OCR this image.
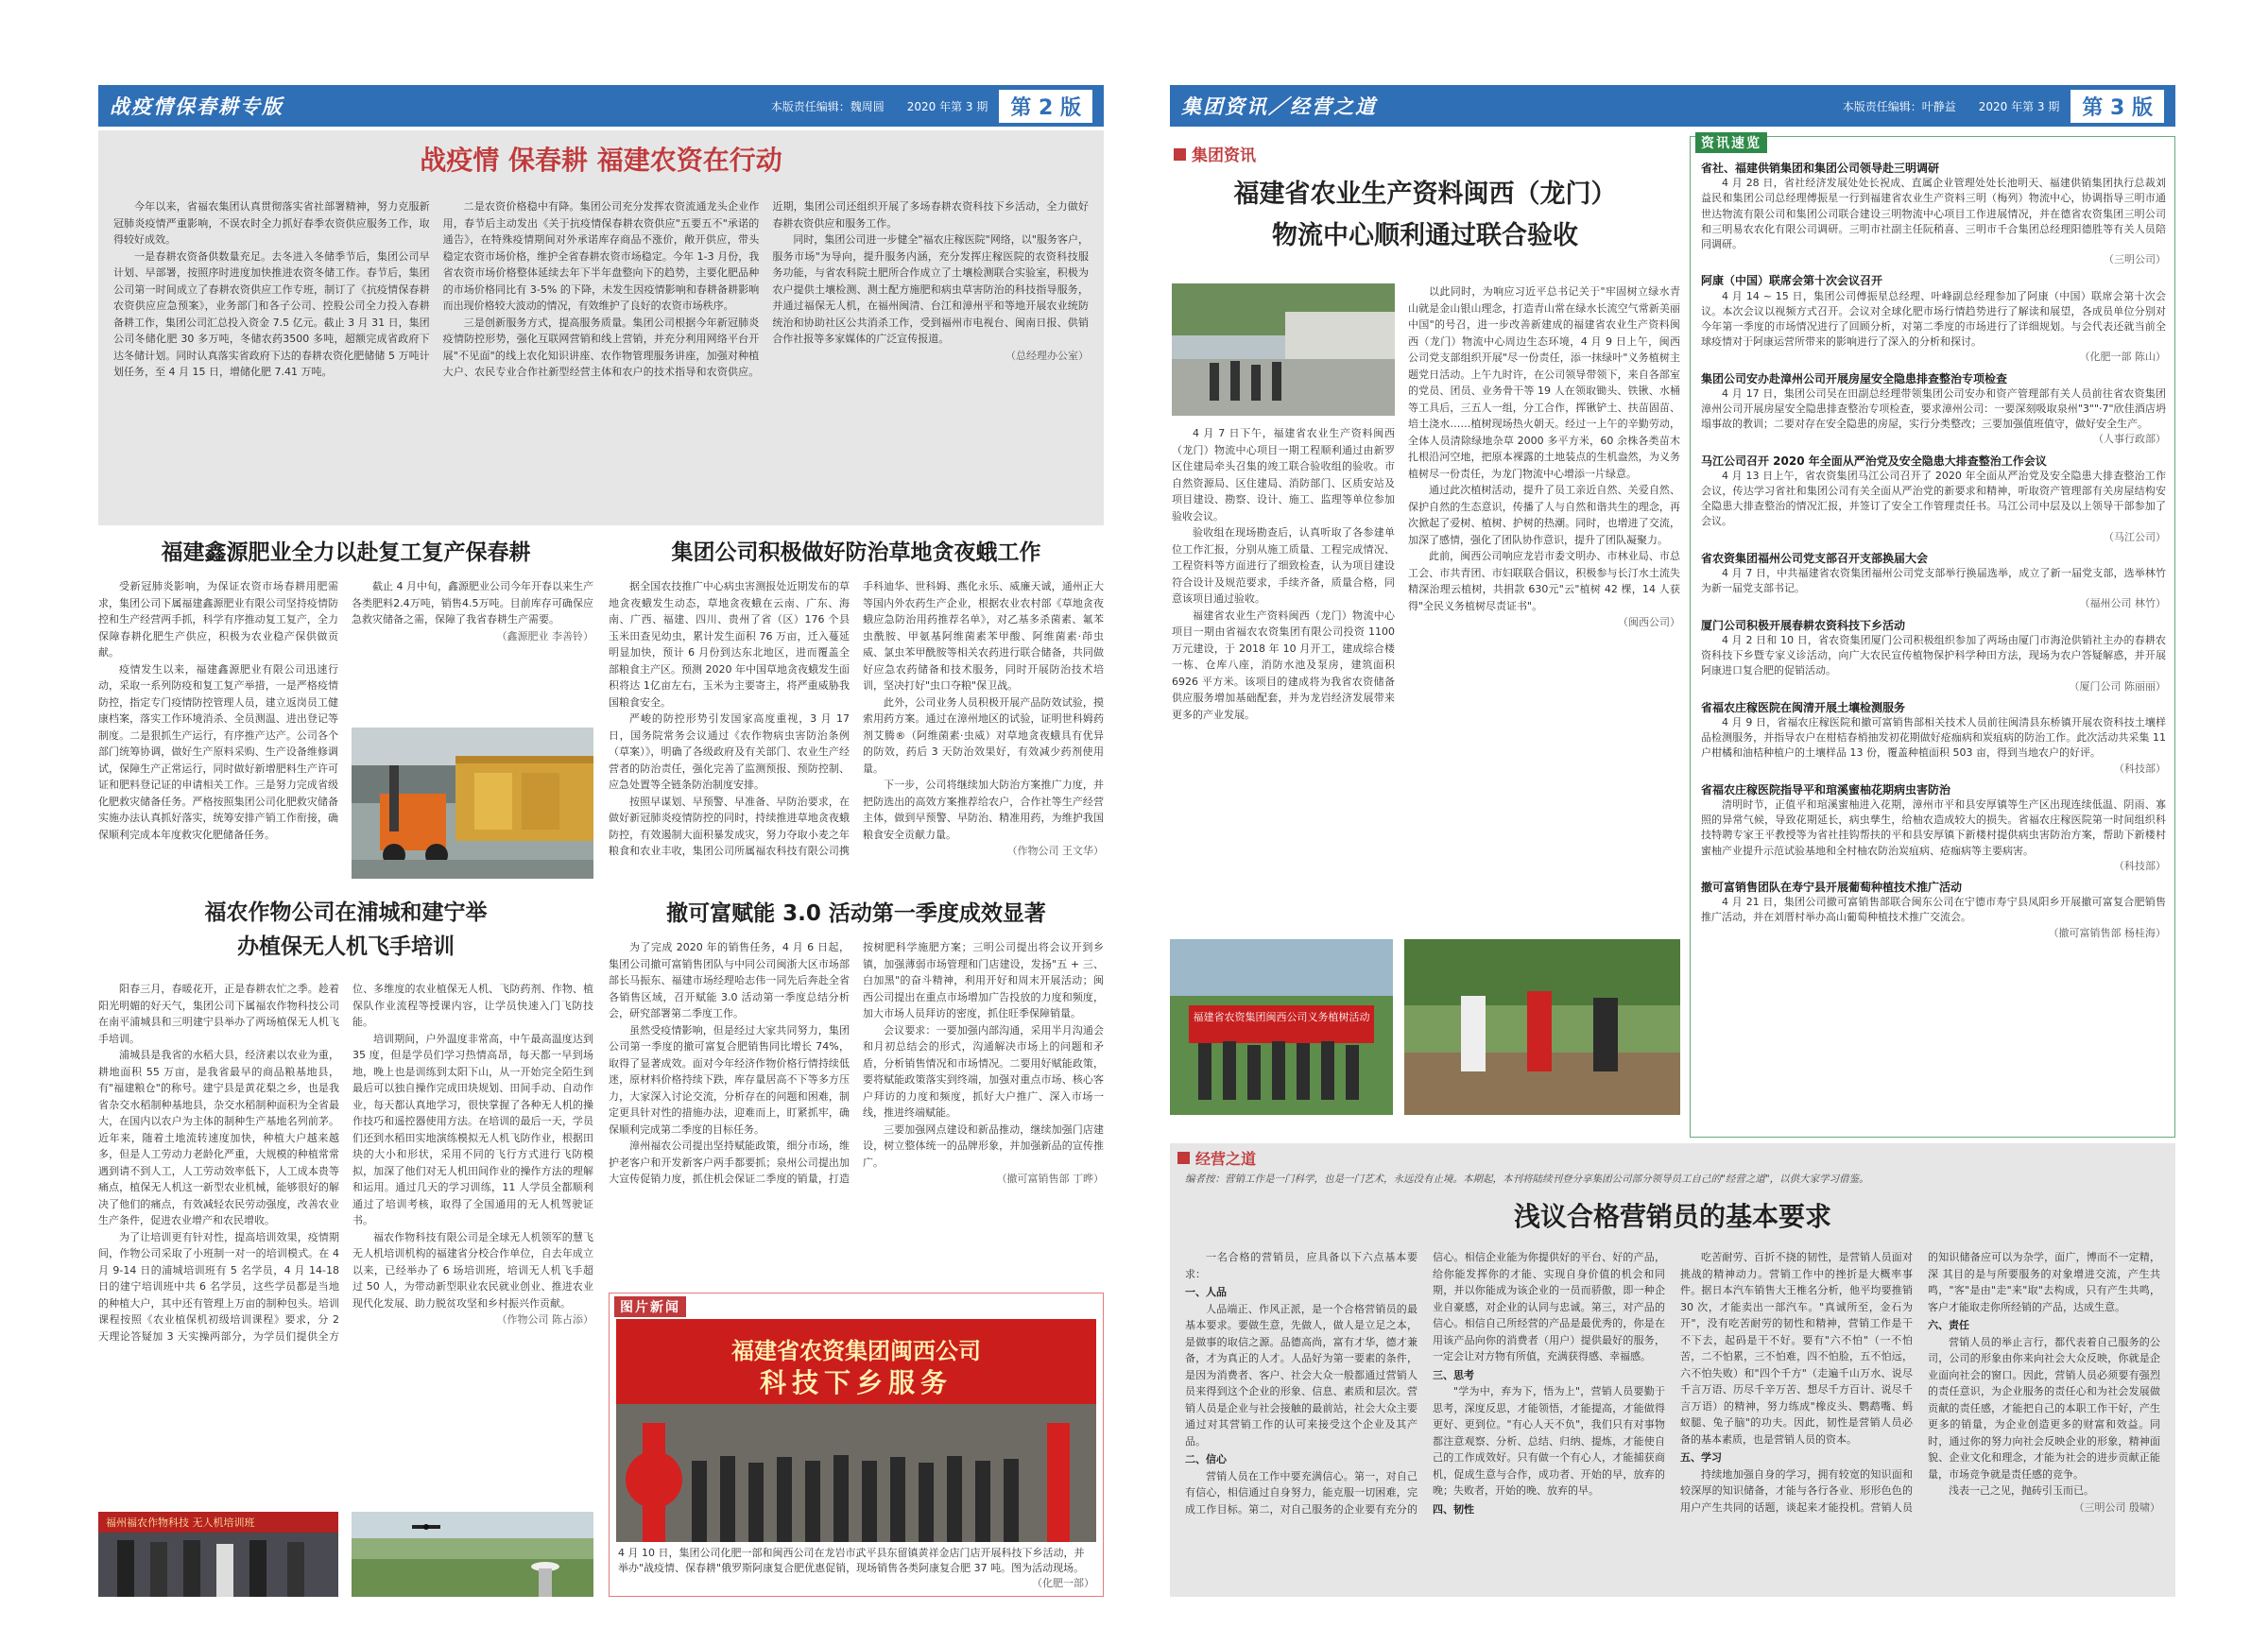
战疫情保春耕专版	本版责任编辑：魏周圆 2020 年第 3 期	第 2 版
战疫情 保春耕 福建农资在行动

今年以来，省福农集团认真贯彻落实省社部署精神，努力克服新冠肺炎疫情严重影响，不误农时全力抓好春季农资供应服务工作，取得较好成效。

一是春耕农资备供数量充足。去冬进入冬储季节后，集团公司早计划、早部署，按照序时进度加快推进农资冬储工作。春节后，集团公司第一时间成立了春耕农资供应工作专班，制订了《抗疫情保春耕农资供应应急预案》，业务部门和各子公司、控股公司全力投入春耕备耕工作，集团公司汇总投入资金 7.5 亿元。截止 3 月 31 日，集团公司冬储化肥 30 多万吨，冬储农药3500 多吨，超额完成省政府下达冬储计划。同时认真落实省政府下达的春耕农资化肥储储 5 万吨计划任务，至 4 月 15 日，增储化肥 7.41 万吨。

二是农资价格稳中有降。集团公司充分发挥农资流通龙头企业作用，春节后主动发出《关于抗疫情保春耕农资供应"五要五不"承诺的通告》，在特殊疫情期间对外承诺库存商品不涨价，敞开供应，带头稳定农资市场价格，维护全省春耕农资市场稳定。今年 1-3 月份，我省农资市场价格整体延续去年下半年盘整向下的趋势，主要化肥品种的市场价格同比有 3-5% 的下降，未发生因疫情影响和春耕备耕影响而出现价格较大波动的情况，有效维护了良好的农资市场秩序。

三是创新服务方式，提高服务质量。集团公司根据今年新冠肺炎疫情防控形势，强化互联网营销和线上营销，并充分利用网络平台开展"不见面"的线上农化知识讲座、农作物管理服务讲座，加强对种植大户、农民专业合作社新型经营主体和农户的技术指导和农资供应。近期，集团公司还组织开展了多场春耕农资科技下乡活动，全力做好春耕农资供应和服务工作。

同时，集团公司进一步健全"福农庄稼医院"网络，以"服务客户，服务市场"为导向，提升服务内涵，充分发挥庄稼医院的农资科技服务功能，与省农科院土肥所合作成立了土壤检测联合实验室，积极为农户提供土壤检测、测土配方施肥和病虫草害防治的科技指导服务，并通过福保无人机，在福州闽清、台江和漳州平和等地开展农业统防统治和协助社区公共消杀工作，受到福州市电视台、闽南日报、供销合作社报等多家媒体的广泛宣传报道。

（总经理办公室）

福建鑫源肥业全力以赴复工复产保春耕

受新冠肺炎影响，为保证农资市场春耕用肥需求，集团公司下属福建鑫源肥业有限公司坚持疫情防控和生产经营两手抓，科学有序推动复工复产，全力保障春耕化肥生产供应，积极为农业稳产保供做贡献。

疫情发生以来，福建鑫源肥业有限公司迅速行动，采取一系列防疫和复工复产举措，一是严格疫情防控，指定专门疫情防控管理人员，建立返岗员工健康档案，落实工作环境消杀、全员测温、进出登记等制度。二是狠抓生产运行，有序推产达产。公司各个部门统筹协调，做好生产原料采购、生产设备维修调试，保障生产正常运行，同时做好新增肥料生产许可证和肥料登记证的申请相关工作。三是努力完成省级化肥救灾储备任务。严格按照集团公司化肥救灾储备实施办法认真抓好落实，统筹安排产销工作衔接，确保顺利完成本年度救灾化肥储备任务。

截止 4 月中旬，鑫源肥业公司今年开春以来生产各类肥料2.4万吨，销售4.5万吨。目前库存可确保应急救灾储备之需，保障了我省春耕生产需要。

（鑫源肥业 李善铃）

集团公司积极做好防治草地贪夜蛾工作

据全国农技推广中心病虫害测报处近期发布的草地贪夜蛾发生动态，草地贪夜蛾在云南、广东、海南、广西、福建、四川、贵州了省（区）176 个县玉米田查见幼虫，累计发生面积 76 万亩，迁入蔓延明显加快，预计 6 月份到达东北地区，进而覆盖全部粮食主产区。预测 2020 年中国草地贪夜蛾发生面积将达 1亿亩左右，玉米为主要寄主，将严重威胁我国粮食安全。

严峻的防控形势引发国家高度重视，3 月 17 日，国务院常务会议通过《农作物病虫害防治条例（草案）》，明确了各级政府及有关部门、农业生产经营者的防治责任，强化完善了监测预报、预防控制、应急处置等全链条防治制度安排。

按照早谋划、早预警、早准备、早防治要求，在做好新冠肺炎疫情防控的同时，持续推进草地贪夜蛾防控，有效遏制大面积暴发成灾，努力夺取小麦之年粮食和农业丰收，集团公司所属福农科技有限公司携手科迪华、世科姆、燕化永乐、威廉天诚，通州正大等国内外农药生产企业，根据农业农村部《草地贪夜蛾应急防治用药推荐名单》，对乙基多杀菌素、氟苯虫酰胺、甲氨基阿维菌素苯甲酸、阿维菌素·茚虫威、氯虫苯甲酰胺等相关农药进行联合储备，共同做好应急农药储备和技术服务，同时开展防治技术培训，坚决打好"虫口夺粮"保卫战。

此外，公司业务人员积极开展产品防效试验，摸索用药方案。通过在漳州地区的试验，证明世科姆药剂艾腾®（阿维菌素·虫威）对草地贪夜蛾具有优异的防效，药后 3 天防治效果好，有效减少药剂使用量。

下一步，公司将继续加大防治方案推广力度，并把防选出的高效方案推荐给农户，合作社等生产经营主体，做到早预警、早防治、精准用药，为维护我国粮食安全贡献力量。

（作物公司 王文华）

福农作物公司在浦城和建宁举办植保无人机飞手培训

阳春三月，春暖花开，正是春耕农忙之季。趁着阳光明媚的好天气，集团公司下属福农作物科技公司在南平浦城县和三明建宁县举办了两场植保无人机飞手培训。

浦城县是我省的水稻大县，经济素以农业为重，耕地面积 55 万亩，是我省最早的商品粮基地县，有"福建粮仓"的称号。建宁县是黄花梨之乡，也是我省杂交水稻制种基地县，杂交水稻制种面积为全省最大，在国内以农户为主体的制种生产基地名列前茅。近年来，随着土地流转速度加快，种植大户越来越多，但是人工劳动力老龄化严重，大规模的种植常常遇到请不到人工，人工劳动效率低下，人工成本贵等痛点，植保无人机这一新型农业机械，能够很好的解决了他们的痛点，有效减轻农民劳动强度，改善农业生产条件，促进农业增产和农民增收。

为了让培训更有针对性，提高培训效果，疫情期间，作物公司采取了小班制一对一的培训模式。在 4 月 9-14 日的浦城培训班有 5 名学员，4 月 14-18 日的建宁培训班中共 6 名学员，这些学员都是当地的种植大户，其中还有管理上万亩的制种包头。培训课程按照《农业植保机初级培训课程》要求，分 2 天理论答疑加 3 天实操两部分，为学员们提供全方位、多维度的农业植保无人机、飞防药剂、作物、植保队作业流程等授课内容，让学员快速入门飞防技能。

培训期间，户外温度非常高，中午最高温度达到 35 度，但是学员们学习热情高昂，每天都一早到场地，晚上也是训练到太阳下山，从一开始完全陌生到最后可以独自操作完成田块规划、田间手动、自动作业，每天都认真地学习，很快掌握了各种无人机的操作技巧和遥控器使用方法。在培训的最后一天，学员们还到水稻田实地演练模拟无人机飞防作业，根据田块的大小和形状，采用不同的飞行方式进行飞防模拟，加深了他们对无人机田间作业的操作方法的理解和运用。通过几天的学习训练，11 人学员全都顺利通过了培训考核，取得了全国通用的无人机驾驶证书。

福农作物科技有限公司是全球无人机领军的慧飞无人机培训机构的福建省分校合作单位，自去年成立以来，已经举办了 6 场培训班，培训无人机飞手超过 50 人，为带动新型职业农民就业创业、推进农业现代化发展、助力脱贫攻坚和乡村振兴作贡献。

（作物公司 陈占添）

福州福农作物科技 无人机培训班
撤可富赋能 3.0 活动第一季度成效显著

为了完成 2020 年的销售任务，4 月 6 日起，集团公司撤可富销售团队与中同公司闽浙大区市场部部长马振东、福建市场经理哈志伟一同先后奔赴全省各销售区域，召开赋能 3.0 活动第一季度总结分析会，研究部署第二季度工作。

虽然受疫情影响，但是经过大家共同努力，集团公司第一季度的撤可富复合肥销售同比增长 74%，取得了显著成效。面对今年经济作物价格行情持续低迷，原材料价格持续下跌，库存量居高不下等多方压力，大家深入讨论交流，分析存在的问题和困难，制定更具针对性的措施办法，迎难而上，盯紧抓牢，确保顺利完成第二季度的目标任务。

漳州福农公司提出坚持赋能政策，细分市场，维护老客户和开发新客户两手都要抓；泉州公司提出加大宣传促销力度，抓住机会保证二季度的销量，打造按树肥科学施肥方案；三明公司提出将会议开到乡镇，加强薄弱市场管理和门店建设，发扬"五 + 三、白加黑"的奋斗精神，利用开好和周末开展活动；闽西公司提出在重点市场增加广告投放的力度和频度，加大市场人员拜访的密度，抓住旺季保障销量。

会议要求：一要加强内部沟通，采用半月沟通会和月初总结会的形式，沟通解决市场上的问题和矛盾，分析销售情况和市场情况。二要用好赋能政策，要将赋能政策落实到终端，加强对重点市场、核心客户拜访的力度和频度，抓好大户推广、深入市场一线，推进终端赋能。

三要加强网点建设和新品推动，继续加强门店建设，树立整体统一的品牌形象，并加强新品的宣传推广。

（撤可富销售部 丁晔）

图片新闻
福建省农资集团闽西公司
科技下乡服务
4 月 10 日，集团公司化肥一部和闽西公司在龙岩市武平县东留镇黄祥金店门店开展科技下乡活动，并举办"战疫情、保春耕"俄罗斯阿康复合肥优惠促销，现场销售各类阿康复合肥 37 吨。图为活动现场。
（化肥一部）
集团资讯／经营之道	本版责任编辑：叶静益 2020 年第 3 期	第 3 版
集团资讯
福建省农业生产资料闽西（龙门）
物流中心顺利通过联合验收

4 月 7 日下午，福建省农业生产资料闽西（龙门）物流中心项目一期工程顺利通过由新罗区住建局牵头召集的竣工联合验收组的验收。市自然资源局、区住建局、消防部门、区质安站及项目建设、勘察、设计、施工、监理等单位参加验收会议。

验收组在现场勘查后，认真听取了各参建单位工作汇报，分别从施工质量、工程完成情况、工程资料等方面进行了细致检查，认为项目建设符合设计及规范要求，手续齐备，质量合格，同意该项目通过验收。

福建省农业生产资料闽西（龙门）物流中心项目一期由省福农农资集团有限公司投资 1100 万元建设，于 2018 年 10 月开工，建成综合楼一栋、仓库八座，消防水池及泵房，建筑面积 6926 平方米。该项目的建成将为我省农资储备供应服务增加基础配套，并为龙岩经济发展带来更多的产业发展。

以此同时，为响应习近平总书记关于"牢固树立绿水青山就是金山银山理念，打造青山常在绿水长流空气常新美丽中国"的号召，进一步改善新建成的福建省农业生产资料闽西（龙门）物流中心周边生态环境，4 月 9 日上午，闽西公司党支部组织开展"尽一份责任，添一抹绿叶"义务植树主题党日活动。上午九时许，在公司领导带领下，来自各部室的党员、团员、业务骨干等 19 人在领取锄头、铁锹、水桶等工具后，三五人一组，分工合作，挥锹铲土、扶苗固苗、培土浇水……植树现场热火朝天。经过一上午的辛勤劳动，全体人员清除绿地杂草 2000 多平方米，60 余株各类苗木扎根沿河空地，把原本裸露的土地装点的生机盎然，为义务植树尽一份责任，为龙门物流中心增添一片绿意。

通过此次植树活动，提升了员工亲近自然、关爱自然、保护自然的生态意识，传播了人与自然和谐共生的理念，再次掀起了爱树、植树、护树的热潮。同时，也增进了交流，加深了感情，强化了团队协作意识，提升了团队凝聚力。

此前，闽西公司响应龙岩市委文明办、市林业局、市总工会、市共青团、市妇联联合倡议，积极参与长汀水土流失精深治理云植树，共捐款 630元"云"植树 42 棵，14 人获得"全民义务植树尽责证书"。

（闽西公司）

福建省农资集团闽西公司义务植树活动
资讯速览
省社、福建供销集团和集团公司领导赴三明调研

4 月 28 日，省社经济发展处处长祝成、直属企业管理处处长池明天、福建供销集团执行总裁刘益民和集团公司总经理傅振星一行到福建省农业生产资料三明（梅列）物流中心，协调指导三明市通世达物流有限公司和集团公司联合建设三明物流中心项目工作进展情况，并在德省农资集团三明公司和三明易农农化有限公司调研。三明市社副主任阮稍喜、三明市千合集团总经理阳德胜等有关人员陪同调研。

（三明公司）
阿康（中国）联席会第十次会议召开

4 月 14 ~ 15 日，集团公司傅振星总经理、叶峰副总经理参加了阿康（中国）联席会第十次会议。本次会议以视频方式召开。会议对全球化肥市场行情趋势进行了解读和展望，各成员单位分别对今年第一季度的市场情况进行了回顾分析，对第二季度的市场进行了详细规划。与会代表还就当前全球疫情对于阿康运营所带来的影响进行了深入的分析和探讨。

（化肥一部 陈山）
集团公司安办赴漳州公司开展房屋安全隐患排查整治专项检查

4 月 17 日，集团公司吴在田副总经理带领集团公司安办和资产管理部有关人员前往省农资集团漳州公司开展房屋安全隐患排查整治专项检查，要求漳州公司：一要深刻吸取泉州"3""·7"欣佳酒店坍塌事故的教训；二要对存在安全隐患的房屋，实行分类整改；三要加强值班值守，做好安全生产。

（人事行政部）
马江公司召开 2020 年全面从严治党及安全隐患大排查整治工作会议

4 月 13 日上午，省农资集团马江公司召开了 2020 年全面从严治党及安全隐患大排查整治工作会议，传达学习省社和集团公司有关全面从严治党的新要求和精神，听取资产管理部有关房屋结构安全隐患大排查整治的情况汇报，并签订了安全工作管理责任书。马江公司中层及以上领导干部参加了会议。

（马江公司）
省农资集团福州公司党支部召开支部换届大会

4 月 7 日，中共福建省农资集团福州公司党支部举行换届选举，成立了新一届党支部，选举林竹为新一届党支部书记。

（福州公司 林竹）
厦门公司积极开展春耕农资科技下乡活动

4 月 2 日和 10 日，省农资集团厦门公司积极组织参加了两场由厦门市海沧供销社主办的春耕农资科技下乡暨专家义诊活动，向广大农民宣传植物保护科学种田方法，现场为农户答疑解惑，并开展阿康进口复合肥的促销活动。

（厦门公司 陈丽丽）
省福农庄稼医院在闽清开展土壤检测服务

4 月 9 日，省福农庄稼医院和撤可富销售部相关技术人员前往闽清县东桥镇开展农资科技土壤样品检测服务，并指导农户在柑桔春梢抽发初花期做好疮痂病和炭疽病的防治工作。此次活动共采集 11 户柑橘和油桔种植户的土壤样品 13 份，覆盖种植面积 503 亩，得到当地农户的好评。

（科技部）
省福农庄稼医院指导平和琯溪蜜柚花期病虫害防治

清明时节，正值平和琯溪蜜柚进入花期，漳州市平和县安厚镇等生产区出现连续低温、阴雨、寡照的异常气候，导致花期延长，病虫孳生，给柚农造成较大的损失。省福农庄稼医院第一时间组织科技特聘专家王平教授等为省社挂钩帮扶的平和县安厚镇下新楼村提供病虫害防治方案，帮助下新楼村蜜柚产业提升示范试验基地和全村柚农防治炭疽病、疮痂病等主要病害。

（科技部）
撤可富销售团队在寿宁县开展葡萄种植技术推广活动

4 月 21 日，集团公司撤可富销售部联合闽东公司在宁德市寿宁县凤阳乡开展撤可富复合肥销售推广活动，并在刘厝村举办高山葡萄种植技术推广交流会。

（撤可富销售部 杨桂海）
经营之道
编者按：营销工作是一门科学，也是一门艺术，永远没有止境。本期起，本刊将陆续刊登分享集团公司部分领导员工自己的"经营之道"，以供大家学习借鉴。
浅议合格营销员的基本要求

一名合格的营销员，应具备以下六点基本要求：

一、人品

人品端正、作风正派，是一个合格营销员的最基本要求。要做生意，先做人，做人是立足之本，是做事的取信之源。品德高尚，富有才华，德才兼备，才为真正的人才。人品好为第一要素的条件，是因为消费者、客户、社会大众一般都通过营销人员来得到这个企业的形象、信息、素质和层次。营销人员是企业与社会接触的最前站，社会大众主要通过对其营销工作的认可来接受这个企业及其产品。

二、信心

营销人员在工作中要充满信心。第一，对自己有信心，相信通过自身努力，能克服一切困难，完成工作目标。第二，对自己服务的企业要有充分的信心。相信企业能为你提供好的平台、好的产品，给你能发挥你的才能、实现自身价值的机会和同期，并以你能成为该企业的一员而骄傲，即一种企业自豪感，对企业的认同与忠诚。第三，对产品的信心。相信自己所经营的产品是最优秀的，你是在用该产品向你的消费者（用户）提供最好的服务，一定会让对方物有所值，充满获得感、幸福感。

三、思考

"学为中，弃为下，悟为上"，营销人员要勤于思考，深度反思，才能领悟，才能提高，才能做得更好、更到位。"有心人天不负"，我们只有对事物都注意观察、分析、总结、归纳、提炼，才能使自己的工作成效好。只有做一个有心人，才能捕获商机，促成生意与合作，成功者、开始的早，放弃的晚；失败者，开始的晚、放弃的早。

四、韧性

吃苦耐劳、百折不挠的韧性，是营销人员面对挑战的精神动力。营销工作中的挫折是大概率事件。据日本汽车销售大王椎名分析，他平均要推销 30 次，才能卖出一部汽车。"真诚所至，金石为开"，没有吃苦耐劳的韧性和精神，营销工作是干不下去，起码是干不好。要有"六不怕"（一不怕苦，二不怕累，三不怕难，四不怕脸，五不怕远，六不怕失败）和"四个千方"（走遍千山万水、说尽千言万语、历尽千辛万苦、想尽千方百计、说尽千言万语）的精神，努力练成"橡皮头、鹦鹉嘴、蚂蚁腿、兔子脑"的功夫。因此，韧性是营销人员必备的基本素质，也是营销人员的资本。

五、学习

持续地加强自身的学习，拥有较宽的知识面和较深厚的知识储备，才能与各行各业、形形色色的用户产生共同的话题，谈起来才能投机。营销人员的知识储备应可以为杂学，面广，博而不一定精，深 其目的是与所要服务的对象增进交流，产生共鸣，"客"是由"走"来"取"去构成，只有产生共鸣，客户才能取走你所经销的产品，达成生意。

六、责任

营销人员的举止言行，都代表着自己服务的公司，公司的形象由你来向社会大众反映，你就是企业面向社会的窗口。因此，营销人员必须要有强烈的责任意识，为企业服务的责任心和为社会发展做贡献的责任感，才能把自己的本职工作干好，产生更多的销量，为企业创造更多的财富和效益。同时，通过你的努力向社会反映企业的形象，精神面貌、企业文化和理念，才能为社会的进步贡献正能量，市场竞争就是责任感的竞争。

浅表一己之见，抛砖引玉而已。

（三明公司 殷啸）
